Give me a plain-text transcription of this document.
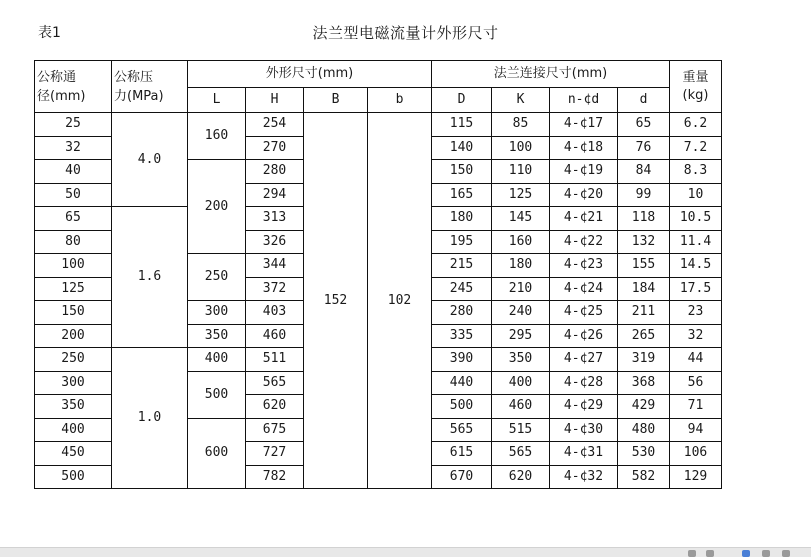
表1	法兰型电磁流量计外形尺寸
公称通
径(mm)	公称压
力(MPa)	外形尺寸(mm)				法兰连接尺寸(mm)				重量
(kg)
		L	H	B	b	D	K	n-¢d	d	
25	4.0	160	254	152	102	115	85	4-¢17	65	6.2
32			270			140	100	4-¢18	76	7.2
40		200	280			150	110	4-¢19	84	8.3
50			294			165	125	4-¢20	99	10
65	1.6		313			180	145	4-¢21	118	10.5
80			326			195	160	4-¢22	132	11.4
100		250	344			215	180	4-¢23	155	14.5
125			372			245	210	4-¢24	184	17.5
150		300	403			280	240	4-¢25	211	23
200		350	460			335	295	4-¢26	265	32
250	1.0	400	511			390	350	4-¢27	319	44
300		500	565			440	400	4-¢28	368	56
350			620			500	460	4-¢29	429	71
400		600	675			565	515	4-¢30	480	94
450			727			615	565	4-¢31	530	106
500			782			670	620	4-¢32	582	129
